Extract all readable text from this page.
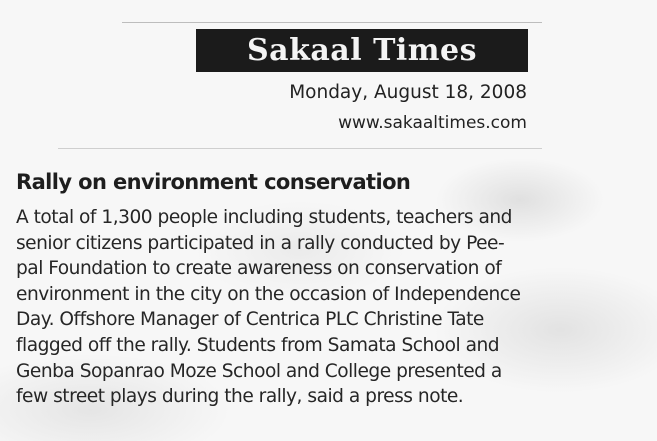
Sakaal Times
Monday, August 18, 2008
www.sakaaltimes.com
Rally on environment conservation
A total of 1,300 people including students, teachers and
senior citizens participated in a rally conducted by Pee-
pal Foundation to create awareness on conservation of
environment in the city on the occasion of Independence
Day. Offshore Manager of Centrica PLC Christine Tate
flagged off the rally. Students from Samata School and
Genba Sopanrao Moze School and College presented a
few street plays during the rally, said a press note.
